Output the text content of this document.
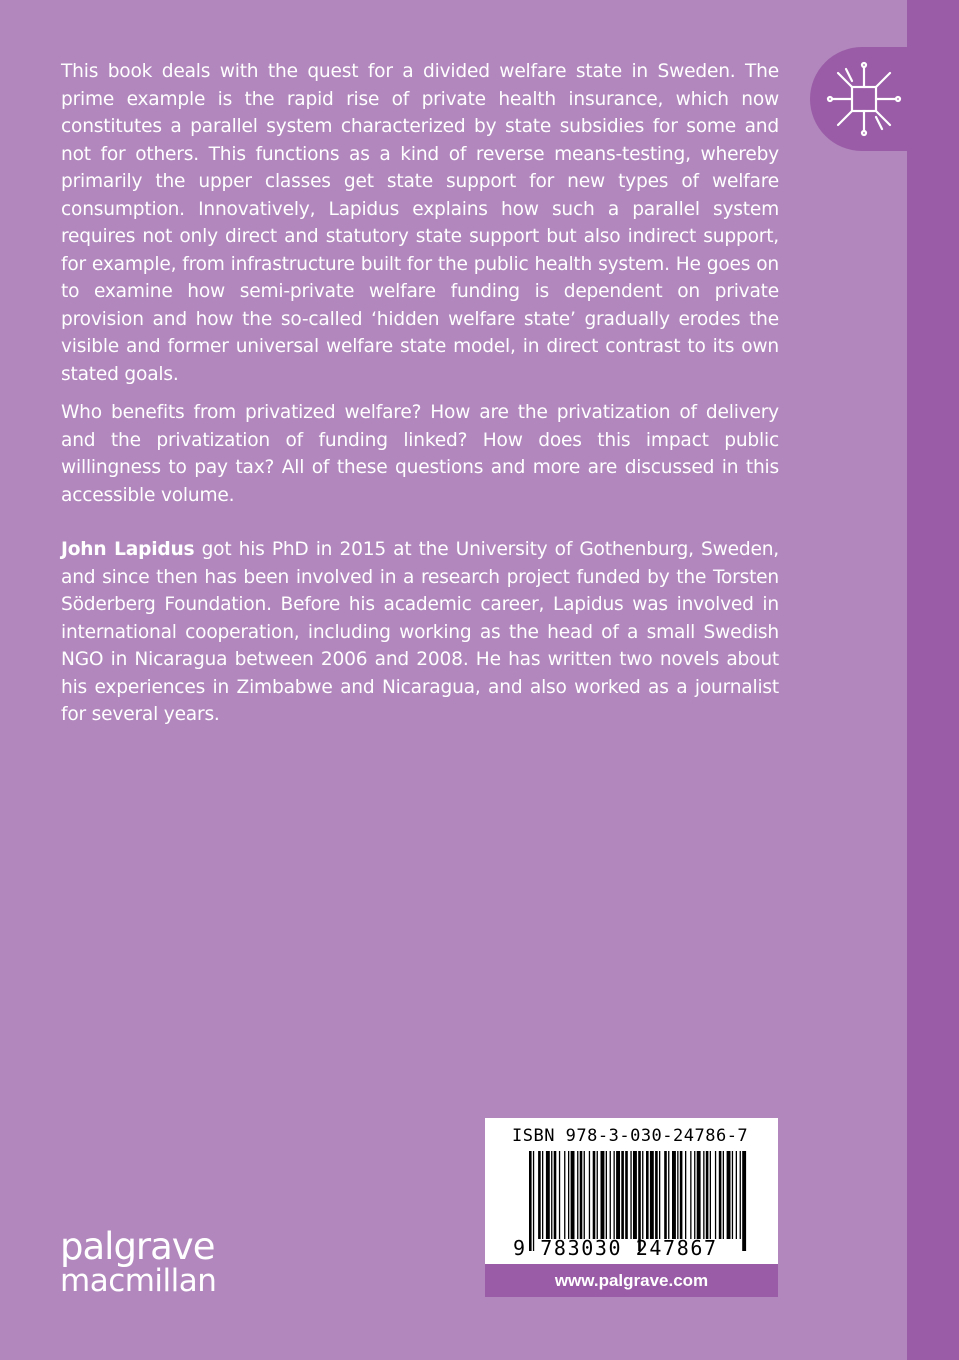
This book deals with the quest for a divided welfare state in Sweden. The prime example is the rapid rise of private health insurance, which now constitutes a parallel system characterized by state subsidies for some and not for others. This functions as a kind of reverse means-testing, whereby primarily the upper classes get state support for new types of welfare consumption. Innovatively, Lapidus explains how such a parallel system requires not only direct and statutory state support but also indirect support, for example, from infrastructure built for the public health system. He goes on to examine how semi-private welfare funding is dependent on private provision and how the so-called ‘hidden welfare state’ gradually erodes the visible and former universal welfare state model, in direct contrast to its own stated goals.

Who benefits from privatized welfare? How are the privatization of delivery and the privatization of funding linked? How does this impact public willingness to pay tax? All of these questions and more are discussed in this accessible volume.

John Lapidus got his PhD in 2015 at the University of Gothenburg, Sweden, and since then has been involved in a research project funded by the Torsten Söderberg Foundation. Before his academic career, Lapidus was involved in international cooperation, including working as the head of a small Swedish NGO in Nicaragua between 2006 and 2008. He has written two novels about his experiences in Zimbabwe and Nicaragua, and also worked as a journalist for several years.

palgrave
macmillan
ISBN 978-3-030-24786-7
9 783030 247867
www.palgrave.com
